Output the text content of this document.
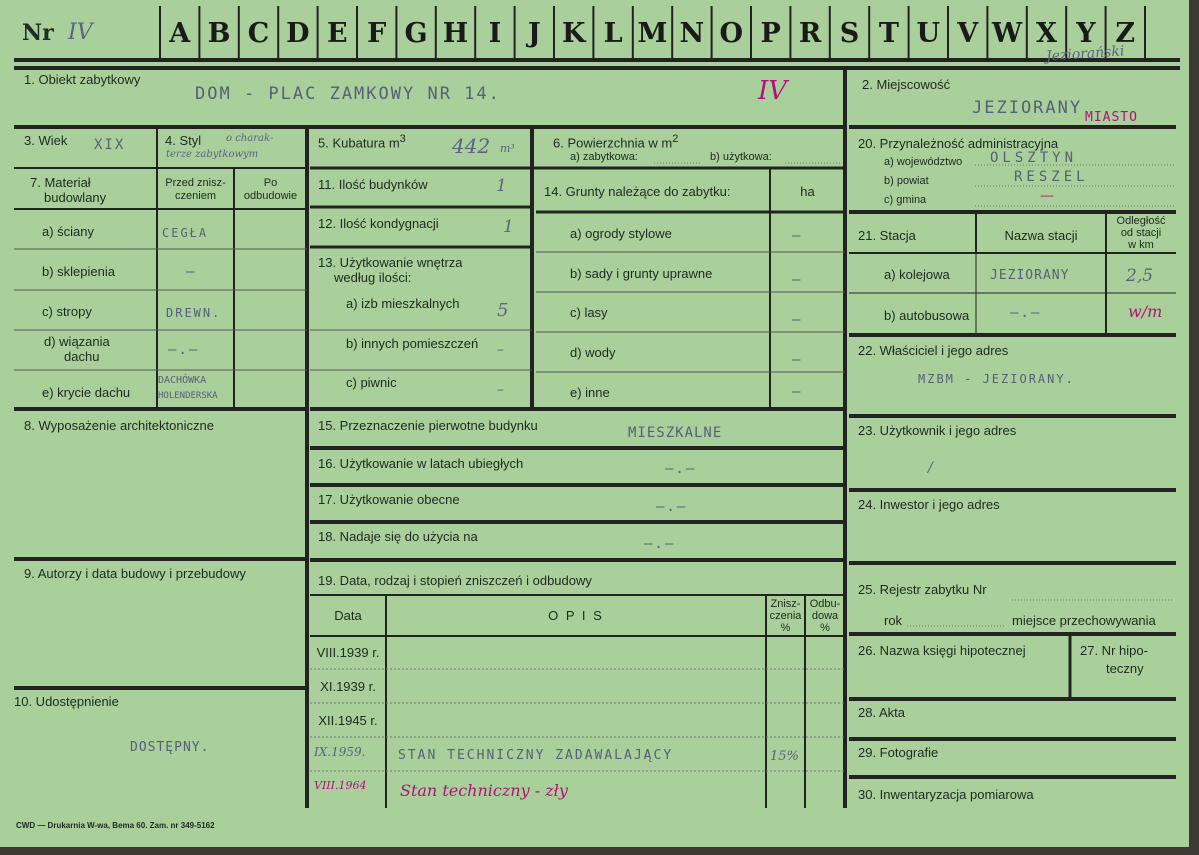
Nr IV	A B C D E F G H I J K L M N O P R S T U V W X Y Z
Jeziorański
1. Obiekt zabytkowy
DOM - PLAC ZAMKOWY NR 14.	IV	2. Miejscowość
JEZIORANY MIASTO
3. Wiek XIX	4. Styl o charak-
terze zabytkowym
5. Kubatura $m^3$ 442 m³	6. Powierzchnia w $m^2$
a) zabytkowa:	b) użytkowa:
7. Materiał
budowlany
Przed znisz-
czeniem
Po
odbudowie
a) ściany	CEGŁA
b) sklepienia	—
c) stropy	DREWN.
d) wiązania
dachu	—.—
e) krycie dachu
DACHÓWKA
HOLENDERSKA
11. Ilość budynków	1
12. Ilość kondygnacji	1
13. Użytkowanie wnętrza
według ilości:
a) izb mieszkalnych 5
b) innych pomieszczeń –
c) piwnic	–
14. Grunty należące do zabytku:	ha
a) ogrody stylowe	—
b) sady i grunty uprawne	—
c) lasy	—
d) wody	—
e) inne	—
8. Wyposażenie architektoniczne
9. Autorzy i data budowy i przebudowy
10. Udostępnienie
DOSTĘPNY.
15. Przeznaczenie pierwotne budynku	MIESZKALNE
16. Użytkowanie w latach ubiegłych	—.—
17. Użytkowanie obecne	—.—
18. Nadaje się do użycia na	—.—
19. Data, rodzaj i stopień zniszczeń i odbudowy
Data	O P I S
Znisz-
czenia
%
Odbu-
dowa
%
VIII.1939 r.
XI.1939 r.
XII.1945 r.
IX.1959.	STAN TECHNICZNY ZADAWALAJĄCY	15%
VIII.1964 Stan techniczny - zły
20. Przynależność administracyjna
a) województwo OLSZTYN
b) powiat	RESZEL
c) gmina	—
21. Stacja	Nazwa stacji
Odległość
od stacji
w km
a) kolejowa	JEZIORANY	2,5
b) autobusowa	—.—	w/m
22. Właściciel i jego adres
MZBM - JEZIORANY.
23. Użytkownik i jego adres
/
24. Inwestor i jego adres
25. Rejestr zabytku Nr
rok	miejsce przechowywania
26. Nazwa księgi hipotecznej	27. Nr hipo-
teczny
28. Akta
29. Fotografie
30. Inwentaryzacja pomiarowa
CWD — Drukarnia W-wa, Bema 60. Zam. nr 349-5162
